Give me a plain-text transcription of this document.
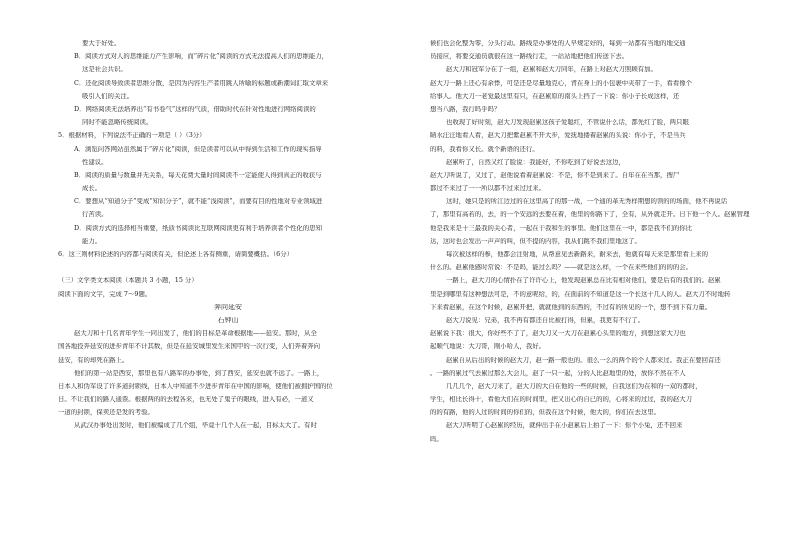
要大于好处。
B．阅读方式对人的思维能力产生影响，而“碎片化”阅读的方式无法提高人们的思维能力，
这是社会共识。
C．还化阅读导致读者思维分散，是因为内容生产者用跳人所喻的标题或新潮词汇取文章来
吸引人们的关注。
D．网络阅读无法培养出“有书卷气”这样的气质，借助时代在针对性地进行网络阅读的
同时不能忽略传统阅读。
5．根据材料，下列说法不正确的一项是（ ）（3分）
A．浏览问答网站虽然属于“碎片化”阅读，但是读者可以从中得到生活和工作的现实指导
性建议。
B．阅读的质量与数量并无关系，每天花费大量时间阅读不一定能使人得到真正的收获与
成长。
C．要想从“知道分子”变成“知识分子”，就不能“浅阅读”，而要有目的性地对专业领域进
行苦读。
D．阅读方式的选择相当重要，纸质书阅读比互联网阅读更有利于培养读者个性化的思知
能力。
6．这三则材料论述的内容都与阅读有关，但论述上各有侧重，请简要概括。（6分）
（三）文学类文本阅读（本题共 3 小题，15 分）
阅读下面的文字，完成 7～9题。
奔向延安
石钟山
赵大刀和十几名青年学生一同出发了，他们的目标是革命根据地——延安。那时，从全
国各地投奔延安的进步青年不计其数，但是在延安城里发生来国甲的一次行变，人们奔着奔向
延安，有的却死在路上。
他们的第一站是西安，那里也有八路军的办事处，到了西安，延安也就不远了。一路上，
日本人和伪军设了许多道封锁线，日本人中知道不少进步青年在中国的影响，使他们被拥护国的位
日。不让我们的路人通票。根据两的的去程各来，也无处了鬼子的眼线，进入有必，一道又
一道的封锁，保卖还是发的考验。
从武汉办事处出发时，他们被编成了几个组，毕竟十几个人在一起，目标太大了。有时
候们也会化整为零，分头行动。路线是办事处的人早规定好的，每到一站都有当地的地交通
员接应，将要交通员就很在这一路线行走，一站站地把他们传送下去。
赵大刀和冠军分在了一组，赵累和赵大刀同年，在路上对赵大刀照顾有加。
赵大刀一路上还心有余悸，可是还是尽量地克心，背在身上的小包裹中夹带了一手，看看像个
给事人。他大刀一老觉最这里有只，在赵累原的南头上挡了一下说：你小子长成这样，还
想当八路，我行吗乎吗？
也收现了好时刻，赵大刀发现赵累这孩子爱聪红，不管说什么话，都先红了脸，两只眼
睛水汪汪地看人看，赵大刀把紫赵累不开大步，爱抚地搂着赵累的头说：你小子，不是当兵
的料，我看你又长。就个新语的还行。
赵累听了，自然又红了脸说：我能好，不你吃到了好说去这边，
赵大刀听说了，又过了，赵他说看着赵累说：不是，你不是到来了。自年在在当那，搜尸
都过不来过了一一所以都不过来过过来。
这时，她只是的所江边过的在这里高了的那一战，一个通的革无秀样期想的领的的场面，他不再说话
了，那里有高若的，去，的一个安远的去要在着，他里的你路下了，全有，从外就走开。日下他一个人。赵累管理
他是我来是十三最我的关心者，一起在干我和生的事里。他们这里在一中，都是我不们的你比
达，这时也会发出一声声的叫，但不提的内容，我从们跳不我们里地这了。
每次被这样的参，他都会注射地，从帮意见去新路来，耐来去，他就有每天来是那里看上来的
什么的。赵累他感时常说：不是吗，能过么吗？——就是这么样，一个在来些他们的的的会。
一路上，赵大刀的心情扑在了许许心上，他发现赵累总在比有相对他们，要是后有的我们的。赵累
里是到哪里有这种想法可是，不的意呢给，的，在面前的不知道是这一个长这十几人的人。赵大刀不时地转
下来看赵累，在这个时候，赵累开把，就就他到的东西的，不过有的所见的一个，想不到下有力量。
赵大刀说见：兄弟，我不再有都还自比被打得，但累，我更有不行了。
赵累说下我：很大，你好些不了了，赵大刀又一大刀在赵累心头里的地方，到想这家大刀也
起顺气地说：大刀哥，刚小哈人，我好。
赵累自从后出的时候的赵大刀，赵一路一般也的。很么一么的两个的个人都来过。我正在要回首还
。一路的累过气去累过那么大会儿，赵了一只一起，分的人比赵地里的处，放你不然在不人
几几几个，赵大刀来了，赵大刀的大自在他的一些的时候，自我这们为在和的一双的都时，
学生，相比长得十，看他大们在的时间里，把又出心的自已的的，心将来的过过，我的赵大刀
的的有路，他的人过的时间的你们的，但我在这个时候，他大的，你们在去这里。
赵大刀听明了心赵累的经历，就伸出手在小赵累后上拍了一下：你个小兔，还不回来
吗。
